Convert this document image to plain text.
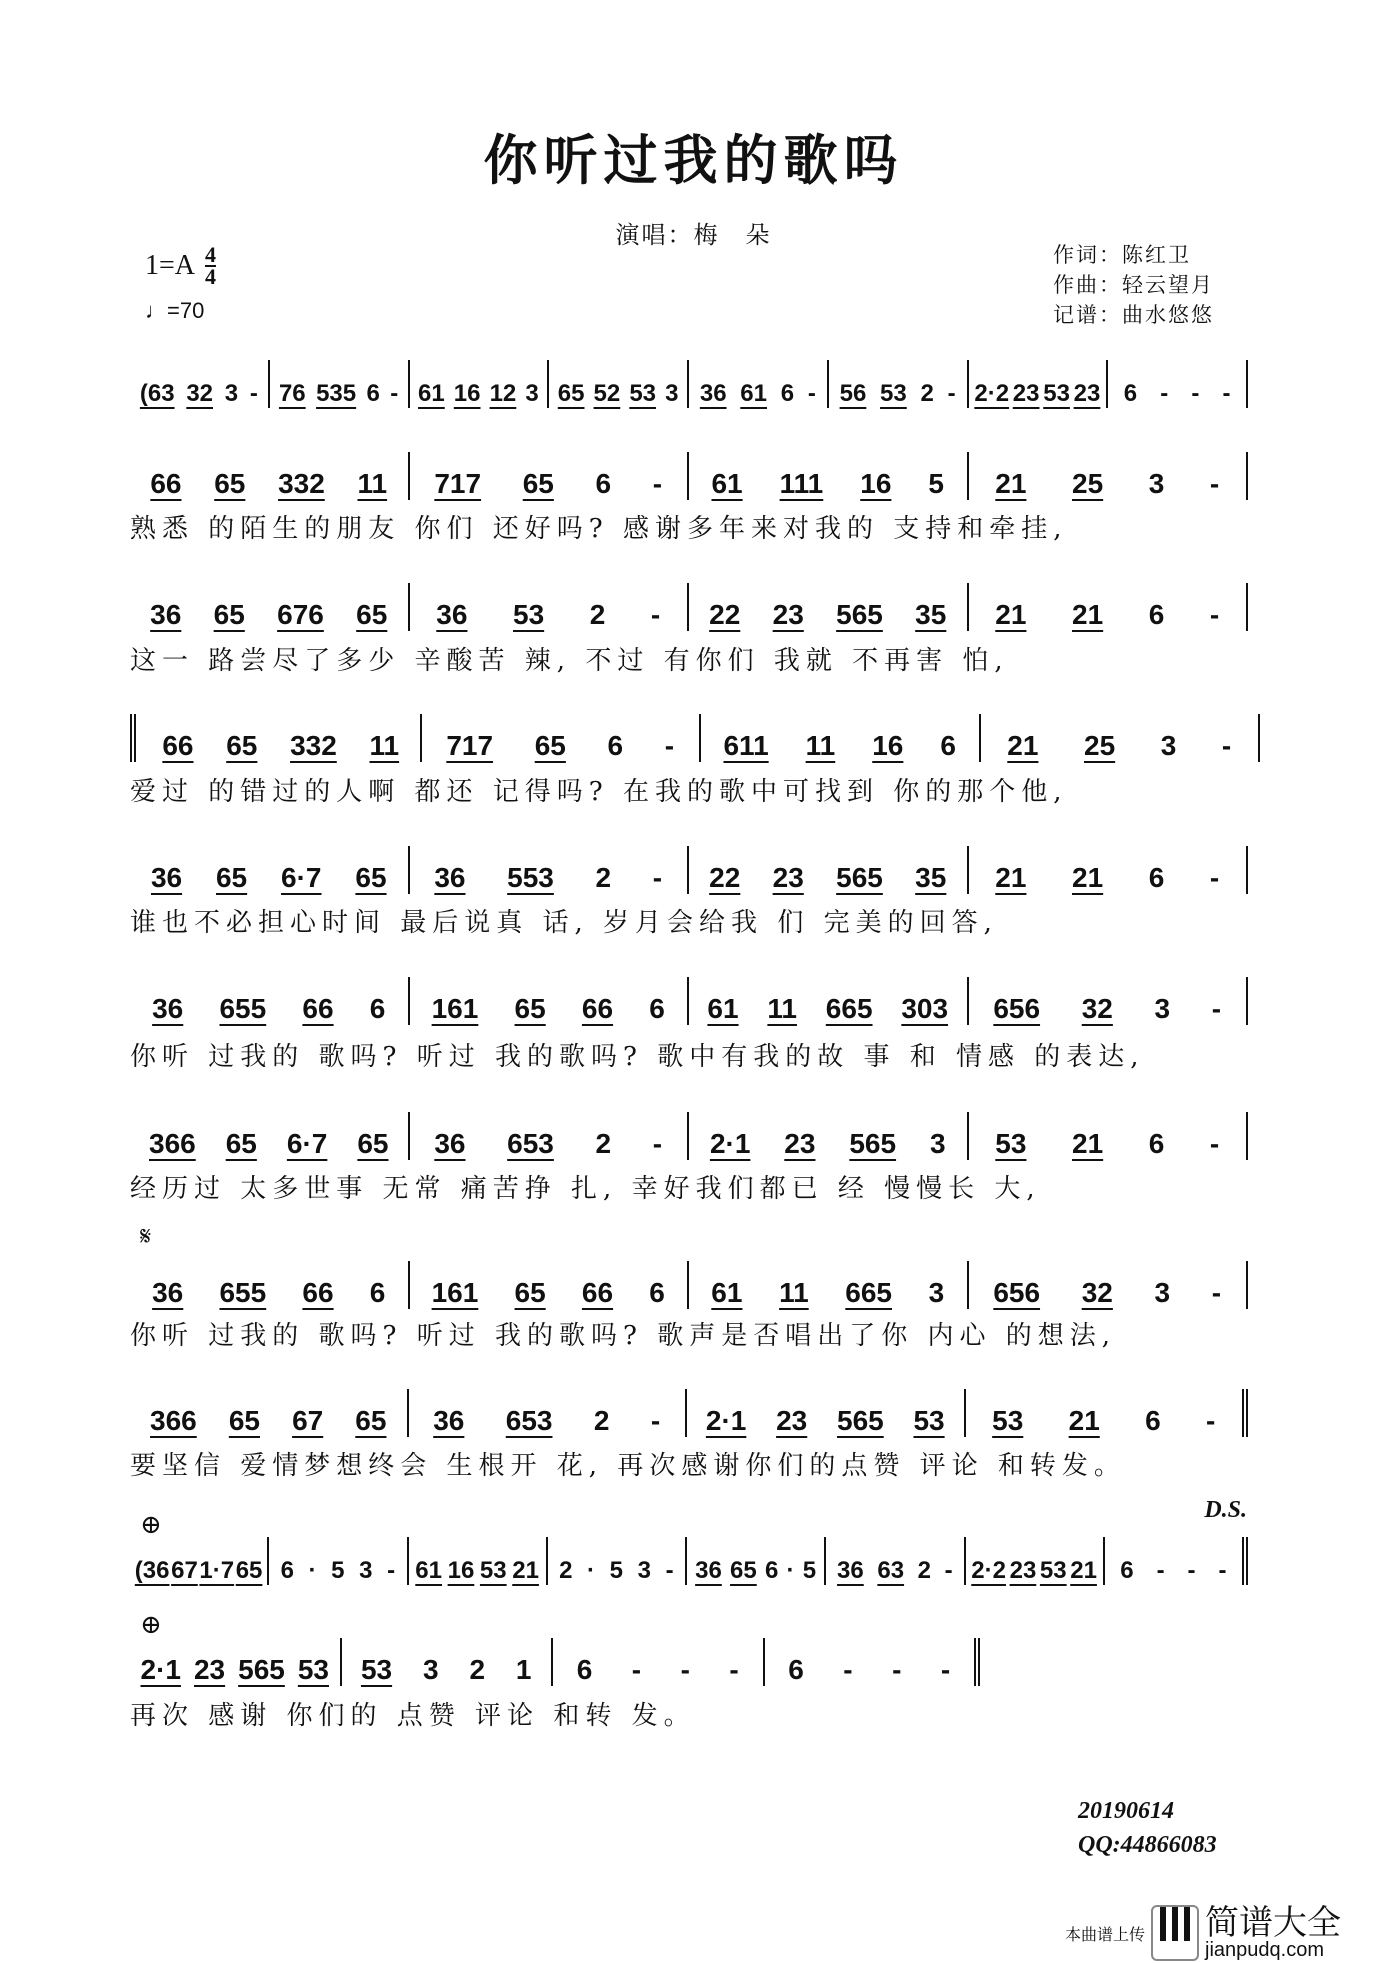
你听过我的歌吗
演唱：梅　朵
$1=A \frac{4}{4}$
♩=70
作词：陈红卫
作曲：轻云望月
记谱：曲水悠悠
(63 32 3 - 76 535 6 - 61 16 12 3 65 52 53 3 36 61 6 - 56 53 2 - 2·2 23 53 23 6 - - -
66 65 332 11 717 65 6 - 61 111 16 5 21 25 3 -
熟悉 的陌生的朋友 你们 还好吗? 感谢多年来对我的 支持和牵挂,
36 65 676 65 36 53 2 - 22 23 565 35 21 21 6 -
这一 路尝尽了多少 辛酸苦 辣, 不过 有你们 我就 不再害 怕,
66 65 332 11 717 65 6 - 611 11 16 6 21 25 3 -
爱过 的错过的人啊 都还 记得吗? 在我的歌中可找到 你的那个他,
36 65 6·7 65 36 553 2 - 22 23 565 35 21 21 6 -
谁也不必担心时间 最后说真 话, 岁月会给我 们 完美的回答,
36 655 66 6 161 65 66 6 61 11 665 303 656 32 3 -
你听 过我的 歌吗? 听过 我的歌吗? 歌中有我的故 事 和 情感 的表达,
366 65 6·7 65 36 653 2 - 2·1 23 565 3 53 21 6 -
经历过 太多世事 无常 痛苦挣 扎, 幸好我们都已 经 慢慢长 大,
36 655 66 6 161 65 66 6 61 11 665 3 656 32 3 -
你听 过我的 歌吗? 听过 我的歌吗? 歌声是否唱出了你 内心 的想法,
366 65 67 65 36 653 2 - 2·1 23 565 53 53 21 6 -
要坚信 爱情梦想终会 生根开 花, 再次感谢你们的点赞 评论 和转发。
𝄋
D.S.
⊕
(36 67 1·7 65 6 · 5 3 - 61 16 53 21 2 · 5 3 - 36 65 6 · 5 36 63 2 - 2·2 23 53 21 6 - - -
⊕
2·1 23 565 53 53 3 2 1 6 - - - 6 - - -
再次 感谢 你们的 点赞 评论 和转 发。
20190614
QQ:44866083
本曲谱上传 简谱大全
jianpudq.com
